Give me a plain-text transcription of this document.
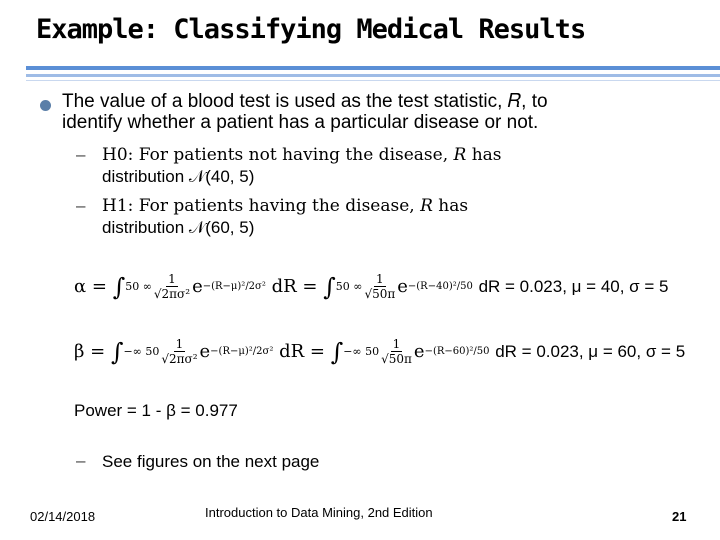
Example: Classifying Medical Results
The value of a blood test is used as the test statistic, 𝑅, to
identify whether a patient has a particular disease or not.
– H0: For patients not having the disease, 𝑅 has
distribution 𝒩(40, 5)
– H1: For patients having the disease, 𝑅 has
distribution 𝒩(60, 5)
α =
∫ 50 ∞ $\frac{1}{\text{√2πσ²}}$ e −(R−μ)²/2σ²
dR =
∫ 50 ∞ $\frac{1}{√50\pi}$ e −(R−40)²/50
dR = 0.023, μ = 40, σ = 5
β =
∫ −∞ $50 \frac{1}{\text{√2πσ²}}$ e −(R−μ)²/2σ²
dR =
∫ −∞ $50 \frac{1}{√50\pi}$ e −(R−60)²/50
dR = 0.023, μ = 60, σ = 5
Power = 1 - β = 0.977
– See figures on the next page
02/14/2018	Introduction to Data Mining, 2nd Edition	21
